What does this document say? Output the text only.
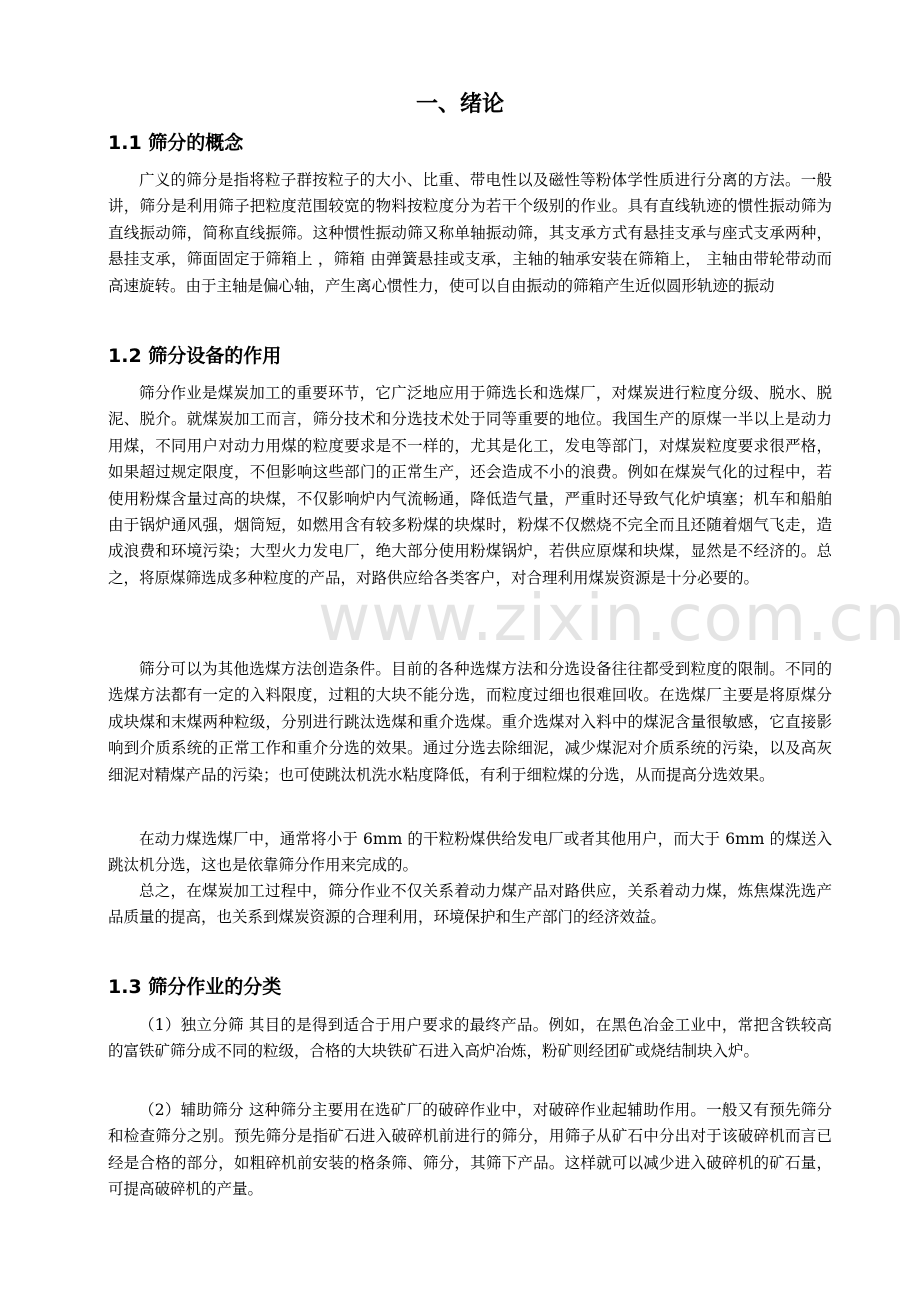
www.zixin.com.cn
一、绪论
1.1 筛分的概念

广义的筛分是指将粒子群按粒子的大小、比重、带电性以及磁性等粉体学性质进行分离的方法。一般讲，筛分是利用筛子把粒度范围较宽的物料按粒度分为若干个级别的作业。具有直线轨迹的惯性振动筛为直线振动筛，简称直线振筛。这种惯性振动筛又称单轴振动筛，其支承方式有悬挂支承与座式支承两种，悬挂支承，筛面固定于筛箱上 ，筛箱 由弹簧悬挂或支承，主轴的轴承安装在筛箱上， 主轴由带轮带动而高速旋转。由于主轴是偏心轴，产生离心惯性力，使可以自由振动的筛箱产生近似圆形轨迹的振动

1.2 筛分设备的作用

筛分作业是煤炭加工的重要环节，它广泛地应用于筛选长和选煤厂，对煤炭进行粒度分级、脱水、脱泥、脱介。就煤炭加工而言，筛分技术和分选技术处于同等重要的地位。我国生产的原煤一半以上是动力用煤，不同用户对动力用煤的粒度要求是不一样的，尤其是化工，发电等部门，对煤炭粒度要求很严格，如果超过规定限度，不但影响这些部门的正常生产，还会造成不小的浪费。例如在煤炭气化的过程中，若使用粉煤含量过高的块煤，不仅影响炉内气流畅通，降低造气量，严重时还导致气化炉填塞；机车和船舶由于锅炉通风强，烟筒短，如燃用含有较多粉煤的块煤时，粉煤不仅燃烧不完全而且还随着烟气飞走，造成浪费和环境污染；大型火力发电厂，绝大部分使用粉煤锅炉，若供应原煤和块煤，显然是不经济的。总之，将原煤筛选成多种粒度的产品，对路供应给各类客户，对合理利用煤炭资源是十分必要的。

筛分可以为其他选煤方法创造条件。目前的各种选煤方法和分选设备往往都受到粒度的限制。不同的选煤方法都有一定的入料限度，过粗的大块不能分选，而粒度过细也很难回收。在选煤厂主要是将原煤分成块煤和末煤两种粒级，分别进行跳汰选煤和重介选煤。重介选煤对入料中的煤泥含量很敏感，它直接影响到介质系统的正常工作和重介分选的效果。通过分选去除细泥，减少煤泥对介质系统的污染，以及高灰细泥对精煤产品的污染；也可使跳汰机洗水粘度降低，有利于细粒煤的分选，从而提高分选效果。

在动力煤选煤厂中，通常将小于 6mm 的干粒粉煤供给发电厂或者其他用户，而大于 6mm 的煤送入跳汰机分选，这也是依靠筛分作用来完成的。

总之，在煤炭加工过程中，筛分作业不仅关系着动力煤产品对路供应，关系着动力煤，炼焦煤洗选产品质量的提高，也关系到煤炭资源的合理利用，环境保护和生产部门的经济效益。

1.3 筛分作业的分类

（1）独立分筛 其目的是得到适合于用户要求的最终产品。例如，在黑色冶金工业中，常把含铁较高的富铁矿筛分成不同的粒级，合格的大块铁矿石进入高炉冶炼，粉矿则经团矿或烧结制块入炉。

（2）辅助筛分 这种筛分主要用在选矿厂的破碎作业中，对破碎作业起辅助作用。一般又有预先筛分和检查筛分之别。预先筛分是指矿石进入破碎机前进行的筛分，用筛子从矿石中分出对于该破碎机而言已经是合格的部分，如粗碎机前安装的格条筛、筛分，其筛下产品。这样就可以减少进入破碎机的矿石量，可提高破碎机的产量。
